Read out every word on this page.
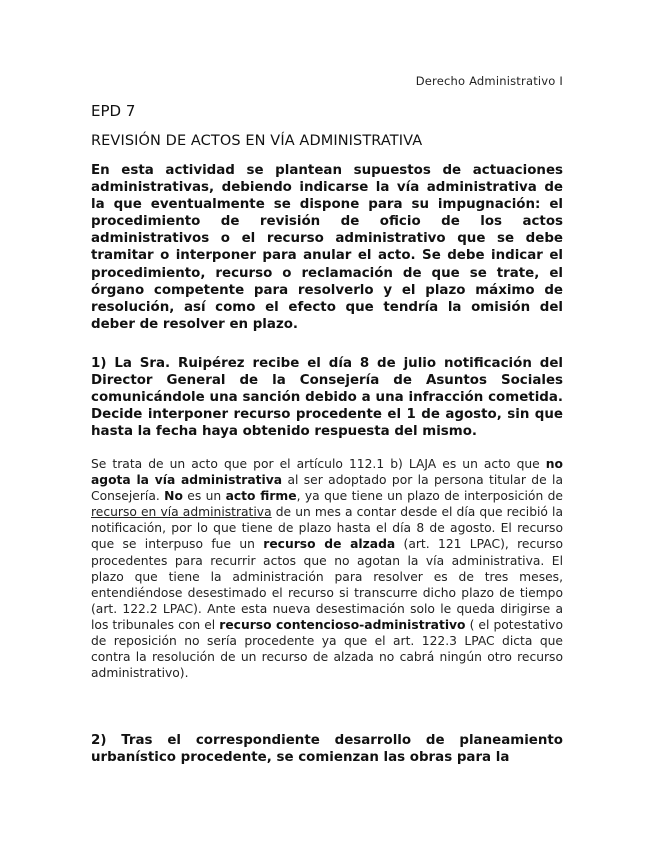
Derecho Administrativo I
EPD 7
REVISIÓN DE ACTOS EN VÍA ADMINISTRATIVA

En esta actividad se plantean supuestos de actuaciones administrativas, debiendo indicarse la vía administrativa de la que eventualmente se dispone para su impugnación: el procedimiento de revisión de oficio de los actos administrativos o el recurso administrativo que se debe tramitar o interponer para anular el acto. Se debe indicar el procedimiento, recurso o reclamación de que se trate, el órgano competente para resolverlo y el plazo máximo de resolución, así como el efecto que tendría la omisión del deber de resolver en plazo.

1) La Sra. Ruipérez recibe el día 8 de julio notificación del Director General de la Consejería de Asuntos Sociales comunicándole una sanción debido a una infracción cometida. Decide interponer recurso procedente el 1 de agosto, sin que hasta la fecha haya obtenido respuesta del mismo.

Se trata de un acto que por el artículo 112.1 b) LAJA es un acto que no agota la vía administrativa al ser adoptado por la persona titular de la Consejería. No es un acto firme, ya que tiene un plazo de interposición de recurso en vía administrativa de un mes a contar desde el día que recibió la notificación, por lo que tiene de plazo hasta el día 8 de agosto. El recurso que se interpuso fue un recurso de alzada (art. 121 LPAC), recurso procedentes para recurrir actos que no agotan la vía administrativa. El plazo que tiene la administración para resolver es de tres meses, entendiéndose desestimado el recurso si transcurre dicho plazo de tiempo (art. 122.2 LPAC). Ante esta nueva desestimación solo le queda dirigirse a los tribunales con el recurso contencioso-administrativo ( el potestativo de reposición no sería procedente ya que el art. 122.3 LPAC dicta que contra la resolución de un recurso de alzada no cabrá ningún otro recurso administrativo).

2) Tras el correspondiente desarrollo de planeamiento urbanístico procedente, se comienzan las obras para la
